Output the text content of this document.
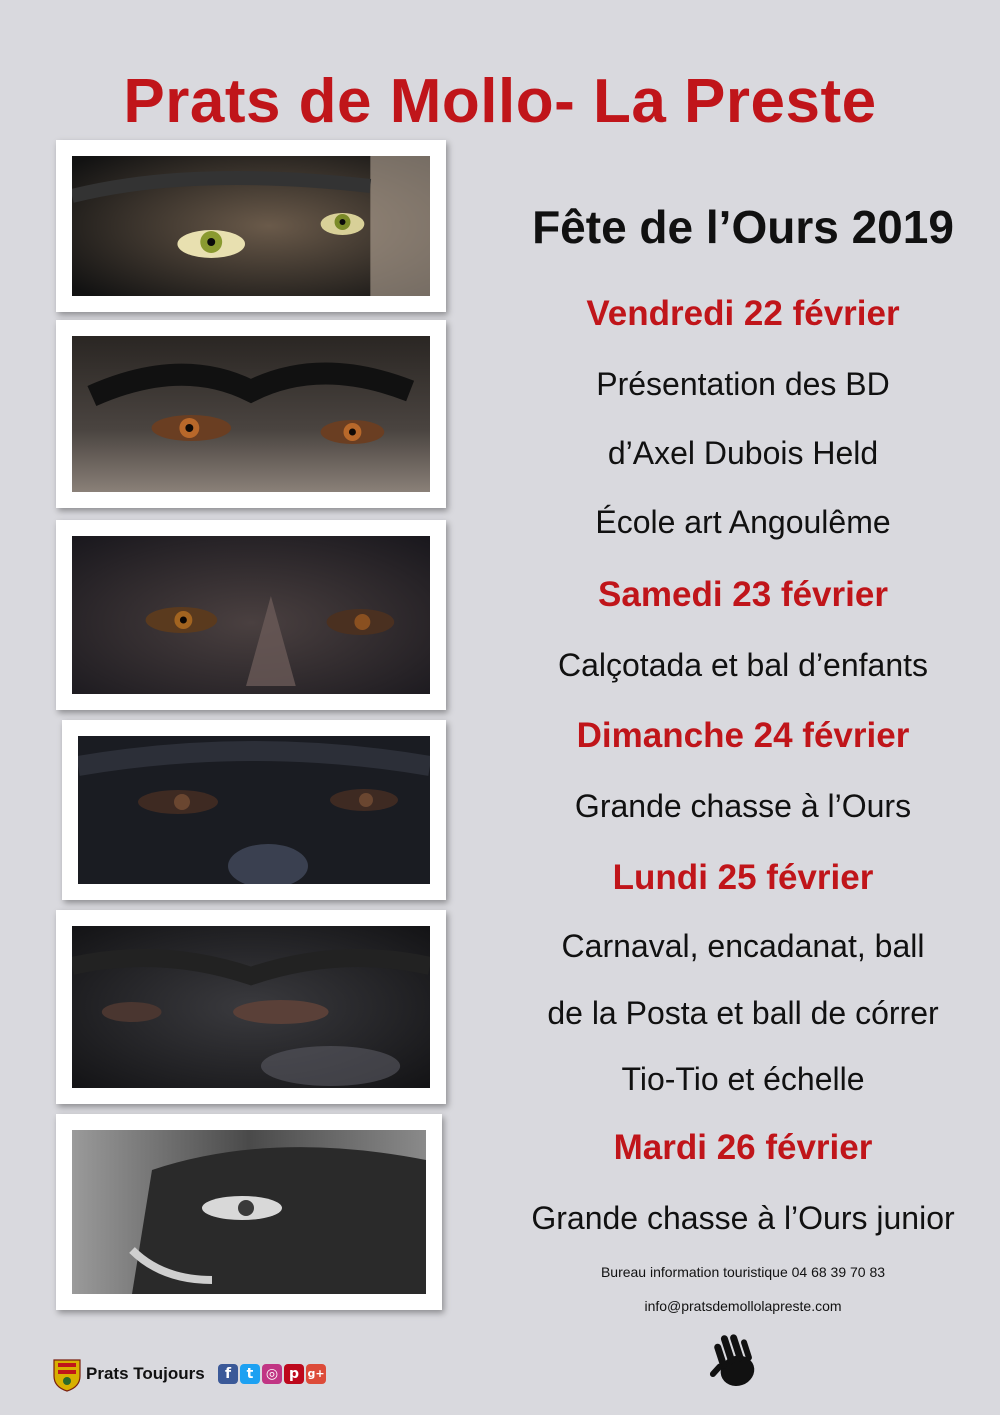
Prats de Mollo- La Preste
Fête de l’Ours 2019
Vendredi 22 février
Présentation des BD
d’Axel Dubois Held
École art Angoulême
Samedi 23 février
Calçotada et bal d’enfants
Dimanche 24 février
Grande chasse à l’Ours
Lundi 25 février
Carnaval, encadanat, ball
de la Posta et ball de córrer
Tio-Tio et échelle
Mardi 26 février
Grande chasse à l’Ours junior
Bureau information touristique 04 68 39 70 83
info@pratsdemollolapreste.com
Prats Toujours	f	t ◎ p g+
